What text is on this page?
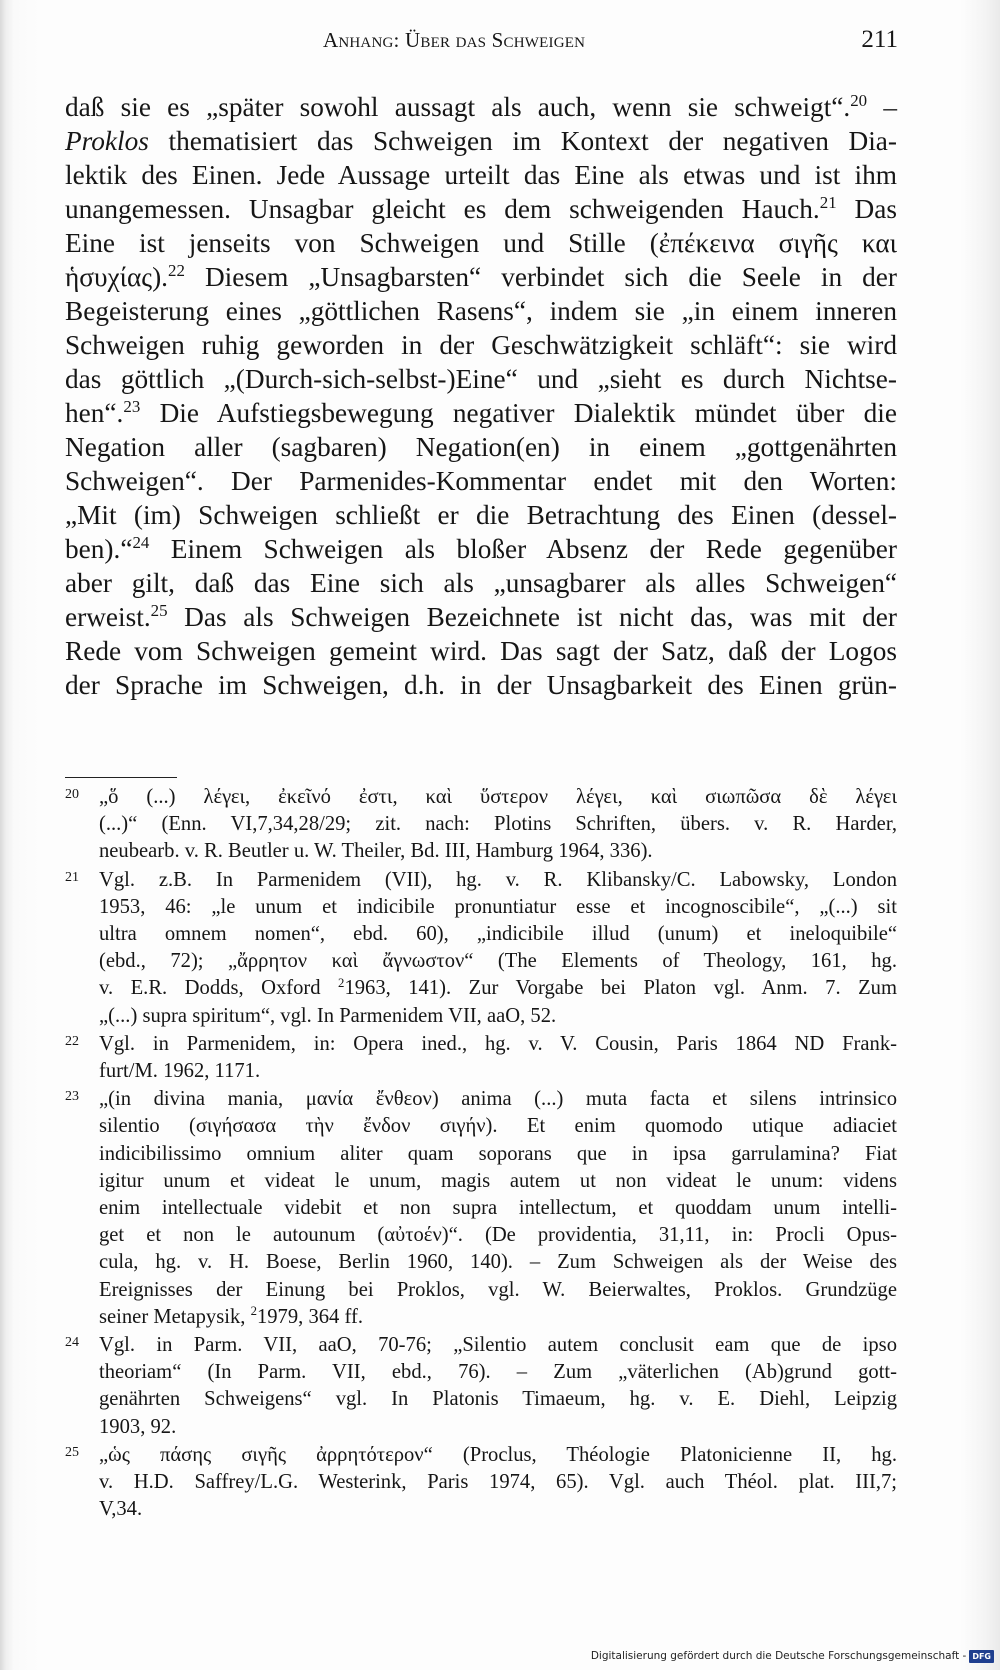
Anhang: Über das Schweigen	211
daß sie es „später sowohl aussagt als auch, wenn sie schweigt“.$^{20}$ –
Proklos thematisiert das Schweigen im Kontext der negativen Dia-
lektik des Einen. Jede Aussage urteilt das Eine als etwas und ist ihm
unangemessen. Unsagbar gleicht es dem schweigenden Hauch.$^{21}$ Das
Eine ist jenseits von Schweigen und Stille (ἐπέκεινα σιγῆς και
ἡσυχίας).$^{22}$ Diesem „Unsagbarsten“ verbindet sich die Seele in der
Begeisterung eines „göttlichen Rasens“, indem sie „in einem inneren
Schweigen ruhig geworden in der Geschwätzigkeit schläft“: sie wird
das göttlich „(Durch-sich-selbst-)Eine“ und „sieht es durch Nichtse-
hen“.$^{23}$ Die Aufstiegsbewegung negativer Dialektik mündet über die
Negation aller (sagbaren) Negation(en) in einem „gottgenährten
Schweigen“. Der Parmenides-Kommentar endet mit den Worten:
„Mit (im) Schweigen schließt er die Betrachtung des Einen (dessel-
ben).“$^{24}$ Einem Schweigen als bloßer Absenz der Rede gegenüber
aber gilt, daß das Eine sich als „unsagbarer als alles Schweigen“
erweist.$^{25}$ Das als Schweigen Bezeichnete ist nicht das, was mit der
Rede vom Schweigen gemeint wird. Das sagt der Satz, daß der Logos
der Sprache im Schweigen, d.h. in der Unsagbarkeit des Einen grün-
20 „ὅ (...) λέγει, ἐκεῖνό ἐστι, καὶ ὕστερον λέγει, καὶ σιωπῶσα δὲ λέγει
(...)“ (Enn. VI,7,34,28/29; zit. nach: Plotins Schriften, übers. v. R. Harder,
neubearb. v. R. Beutler u. W. Theiler, Bd. III, Hamburg 1964, 336).
21 Vgl. z.B. In Parmenidem (VII), hg. v. R. Klibansky/C. Labowsky, London
1953, 46: „le unum et indicibile pronuntiatur esse et incognoscibile“, „(...) sit
ultra omnem nomen“, ebd. 60), „indicibile illud (unum) et ineloquibile“
(ebd., 72); „ἄρρητον καὶ ἄγνωστον“ (The Elements of Theology, 161, hg.
v. E.R. Dodds, Oxford $^2$1963, 141). Zur Vorgabe bei Platon vgl. Anm. 7. Zum
„(...) supra spiritum“, vgl. In Parmenidem VII, aaO, 52.
22 Vgl. in Parmenidem, in: Opera ined., hg. v. V. Cousin, Paris 1864 ND Frank-
furt/M. 1962, 1171.
23 „(in divina mania, μανία ἔνθεον) anima (...) muta facta et silens intrinsico
silentio (σιγήσασα τὴν ἔνδον σιγήν). Et enim quomodo utique adiaciet
indicibilissimo omnium aliter quam soporans que in ipsa garrulamina? Fiat
igitur unum et videat le unum, magis autem ut non videat le unum: videns
enim intellectuale videbit et non supra intellectum, et quoddam unum intelli-
get et non le autounum (αὐτοέν)“. (De providentia, 31,11, in: Procli Opus-
cula, hg. v. H. Boese, Berlin 1960, 140). – Zum Schweigen als der Weise des
Ereignisses der Einung bei Proklos, vgl. W. Beierwaltes, Proklos. Grundzüge
seiner Metapysik, $^2$1979, 364 ff.
24 Vgl. in Parm. VII, aaO, 70-76; „Silentio autem conclusit eam que de ipso
theoriam“ (In Parm. VII, ebd., 76). – Zum „väterlichen (Ab)grund gott-
genährten Schweigens“ vgl. In Platonis Timaeum, hg. v. E. Diehl, Leipzig
1903, 92.
25 „ὡς πάσης σιγῆς ἀρρητότερον“ (Proclus, Théologie Platonicienne II, hg.
v. H.D. Saffrey/L.G. Westerink, Paris 1974, 65). Vgl. auch Théol. plat. III,7;
V,34.
Digitalisierung gefördert durch die Deutsche Forschungsgemeinschaft - DFG
